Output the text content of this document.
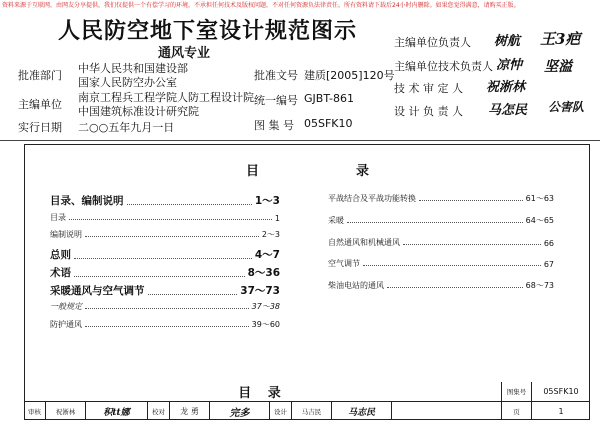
资料来源于互联网，由网友分享提供，我们仅提供一个有偿学习的环境，不承担任何技术及版权问题，不对任何资源负法律责任。所有资料请下载后24小时内删除。如果您觉得满意，请购买正版。
人民防空地下室设计规范图示
通风专业
批准部门
中华人民共和国建设部
国家人民防空办公室
主编单位
南京工程兵工程学院人防工程设计院
中国建筑标准设计研究院
实行日期 二○○五年九月一日
批准文号 建质[2005]120号
统一编号 GJBT-861
图 集 号 05SFK10
主编单位负责人 树航 王3疤
主编单位技术负责人 凉忡 坚溢
技 术 审 定 人 祝淅林
设 计 负 责 人 马怎民 公害队
目	录
目录、编制说明	1～3
目录	1
编制说明	2～3
总则	4～7
术语	8～36
采暖通风与空气调节	37～73
一般规定	37～38
防护通风	39～60
平战结合及平战功能转换	61～63
采暖	64～65
自然通风和机械通风	66
空气调节	67
柴油电站的通风	68～73
目 录	图集号	05SFK10
审核	祝淅林	积tt娜	校对	龙 勇	完多	设计	马吉民	马志民	页	1
